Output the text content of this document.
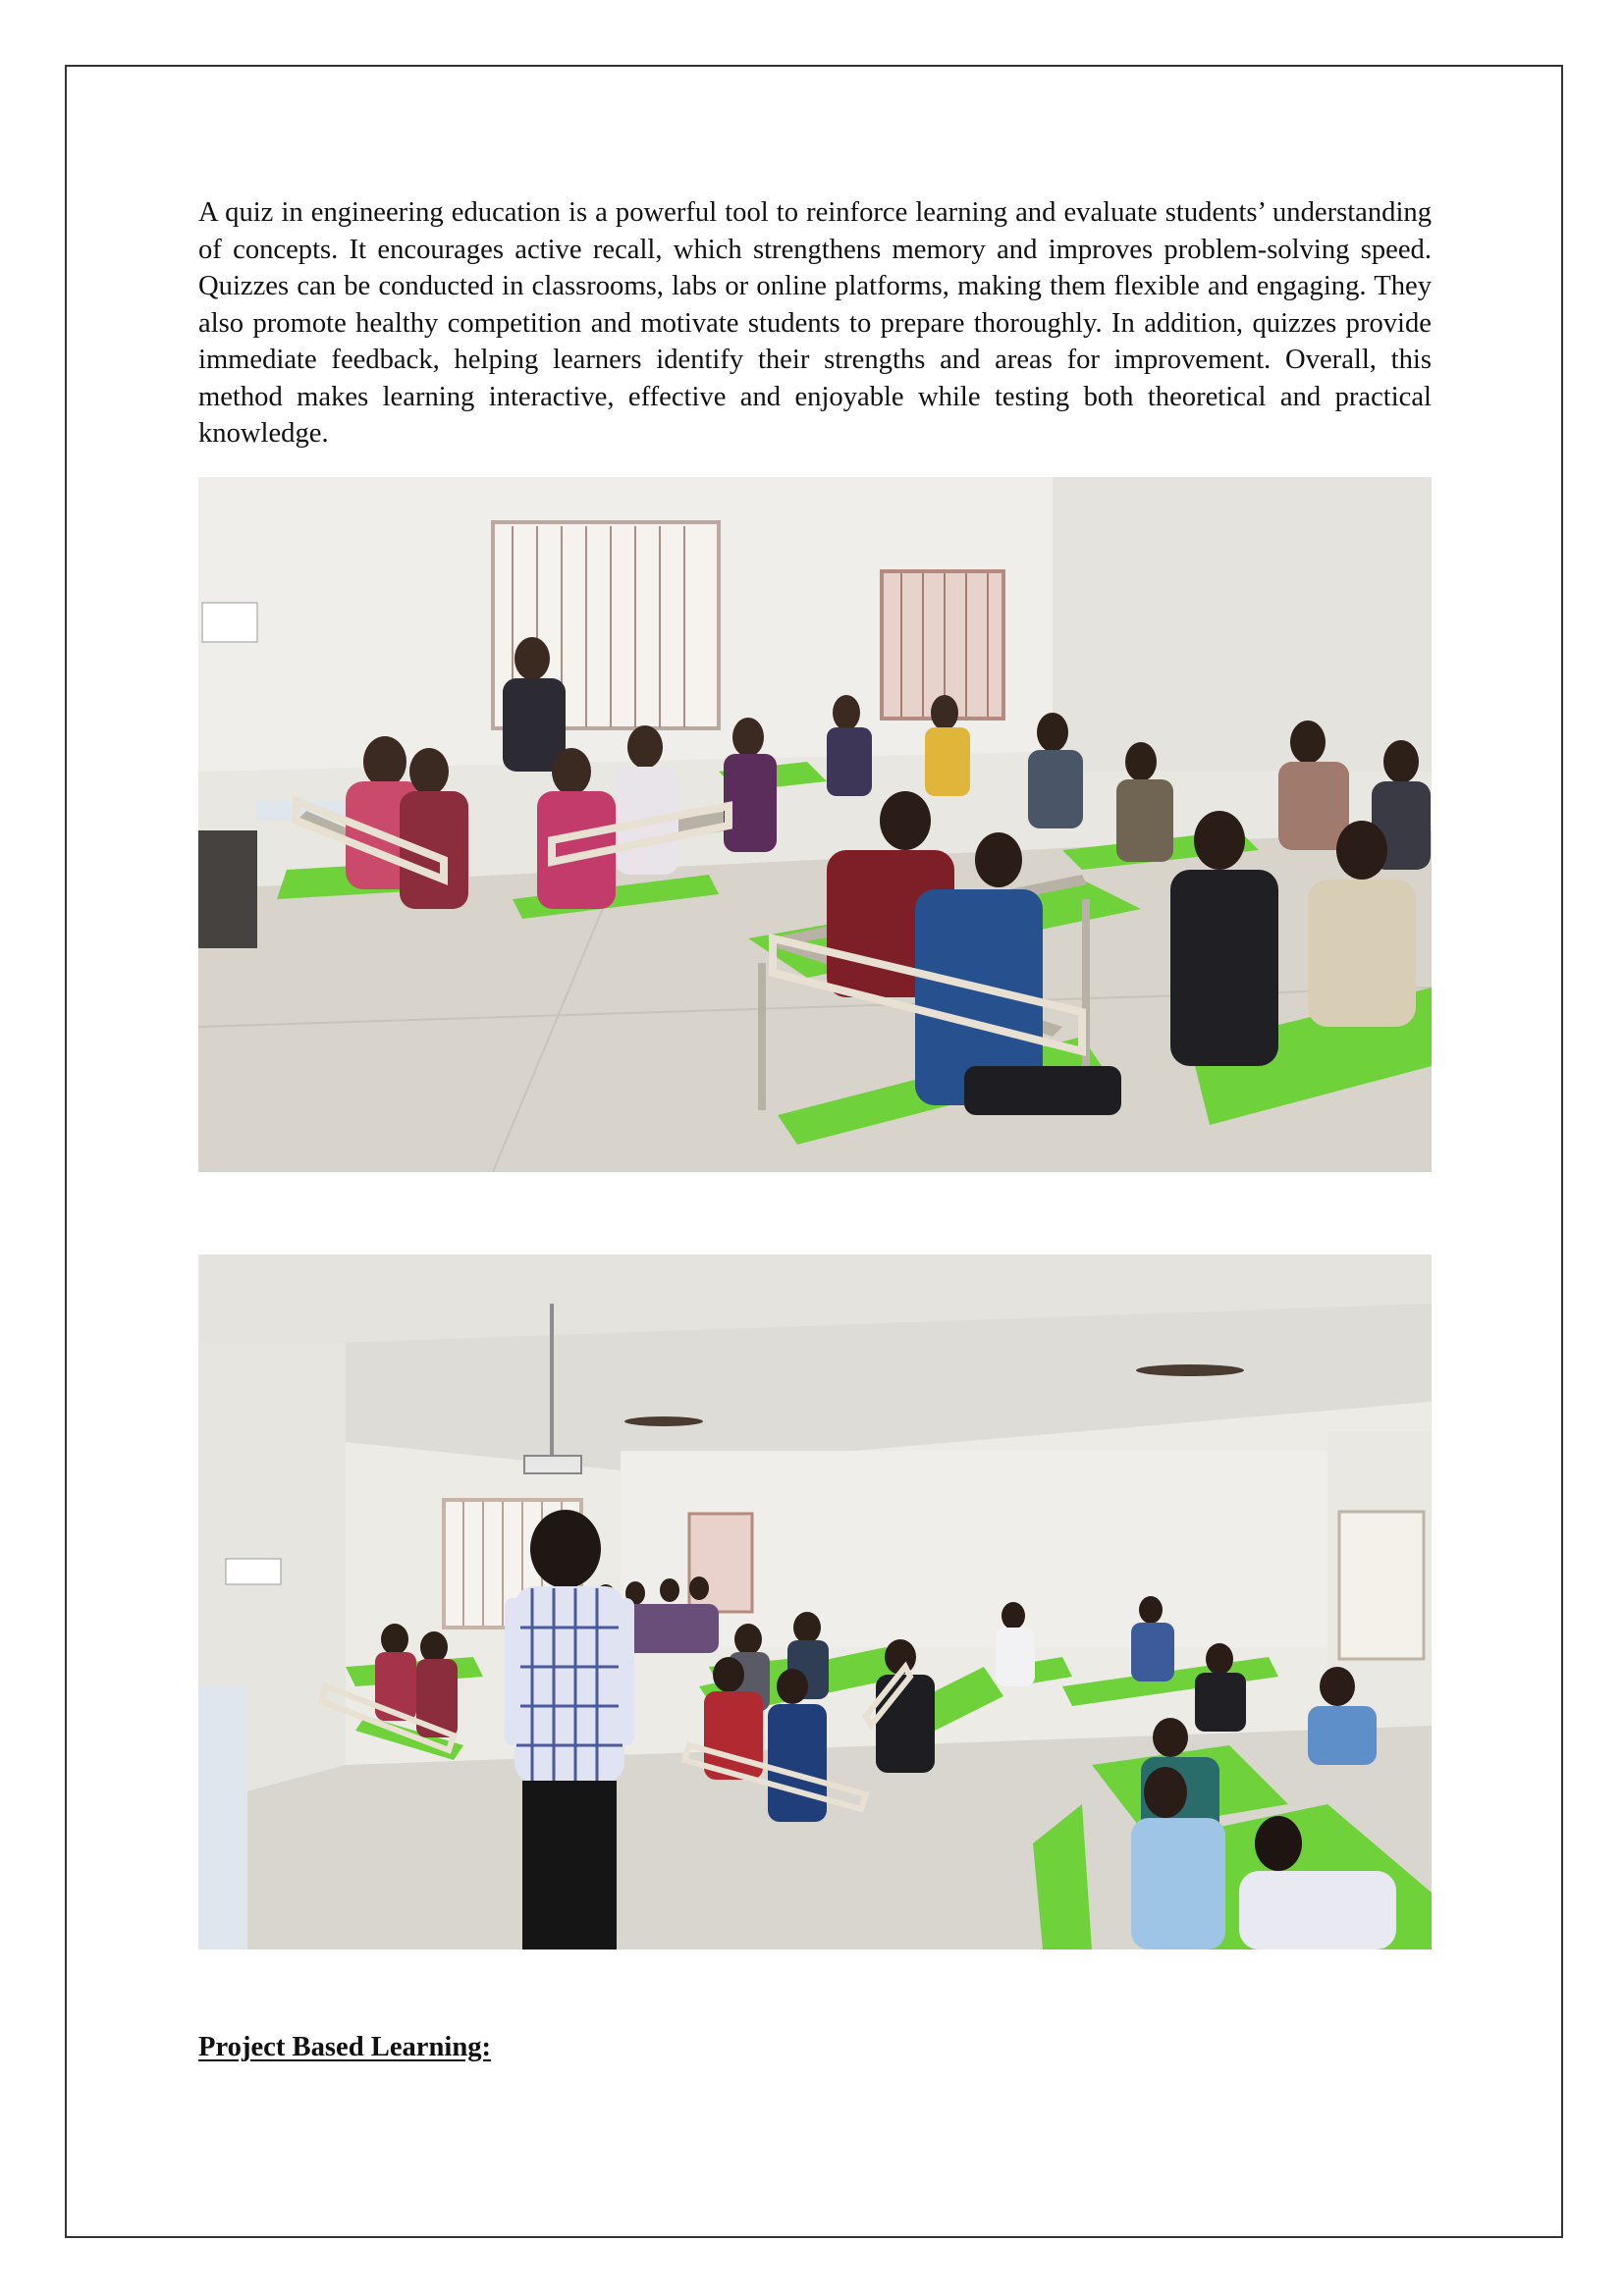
A quiz in engineering education is a powerful tool to reinforce learning and evaluate students’ understanding of concepts. It encourages active recall, which strengthens memory and improves problem-solving speed. Quizzes can be conducted in classrooms, labs or online platforms, making them flexible and engaging. They also promote healthy competition and motivate students to prepare thoroughly. In addition, quizzes provide immediate feedback, helping learners identify their strengths and areas for improvement. Overall, this method makes learning interactive, effective and enjoyable while testing both theoretical and practical knowledge.

Project Based Learning:
